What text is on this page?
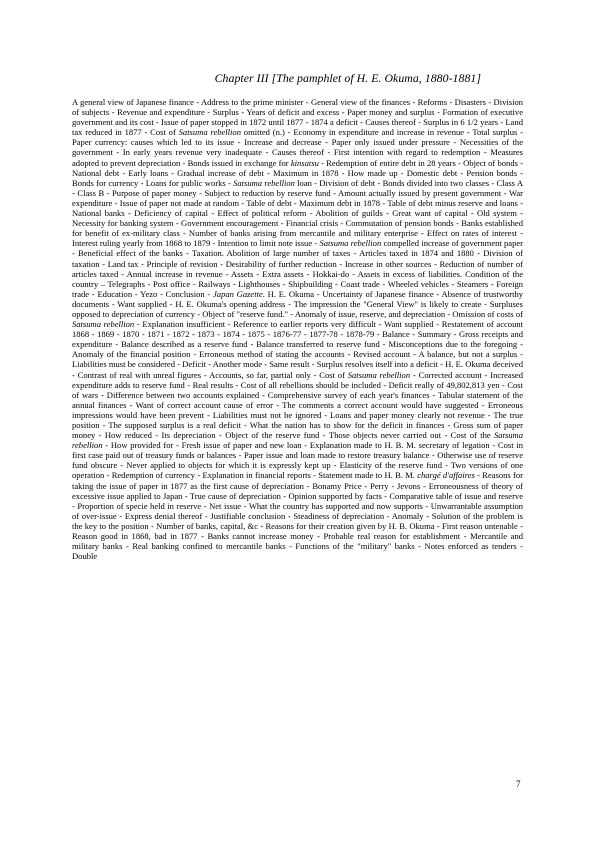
Chapter III [The pamphlet of H. E. Okuma, 1880-1881]
A general view of Japanese finance - Address to the prime minister - General view of the finances - Reforms - Disasters - Division of subjects - Revenue and expenditure - Surplus - Years of deficit and excess - Paper money and surplus - Formation of executive government and its cost - Issue of paper stopped in 1872 until 1877 - 1874 a deficit - Causes thereof - Surplus in 6 1/2 years - Land tax reduced in 1877 - Cost of Satsuma rebellion omitted (n.) - Economy in expenditure and increase in revenue - Total surplus - Paper currency: causes which led to its issue - Increase and decrease - Paper only issued under pressure - Necessities of the government - In early years revenue very inadequate - Causes thereof - First intention with regard to redemption - Measures adopted to prevent depreciation - Bonds issued in exchange for kinsatsu - Redemption of entire debt in 28 years - Object of bonds - National debt - Early loans - Gradual increase of debt - Maximum in 1878 - How made up - Domestic debt - Pension bonds - Bonds for currency - Loans for public works - Satsuma rebellion loan - Division of debt - Bonds divided into two classes - Class A - Class B - Purpose of paper money - Subject to reduction by reserve fund - Amount actually issued by present government - War expenditure - Issue of paper not made at random - Table of debt - Maximum debt in 1878 - Table of debt minus reserve and loans - National banks - Deficiency of capital - Effect of political reform - Abolition of guilds - Great want of capital - Old system - Necessity for banking system - Government encouragement - Financial crisis - Commutation of pension bonds - Banks established for benefit of ex-military class - Number of banks arising from mercantile and military enterprise - Effect on rates of interest - Interest ruling yearly from 1868 to 1879 - Intention to limit note issue - Satsuma rebellion compelled increase of government paper - Beneficial effect of the banks - Taxation. Abolition of large number of taxes - Articles taxed in 1874 and 1880 - Division of taxation - Land tax - Principle of revision - Desirability of further reduction - Increase in other sources - Reduction of number of articles taxed - Annual increase in revenue - Assets - Extra assets - Hokkai-do - Assets in excess of liabilities. Condition of the country – Telegraphs - Post office - Railways - Lighthouses - Shipbuilding - Coast trade - Wheeled vehicles - Steamers - Foreign trade - Education - Yezo - Conclusion - Japan Gazette. H. E. Okuma - Uncertainty of Japanese finance - Absence of trustworthy documents - Want supplied - H. E. Okuma's opening address - The impression the "General View" is likely to create - Surpluses opposed to depreciation of currency - Object of "reserve fund." - Anomaly of issue, reserve, and depreciation - Omission of costs of Satsuma rebellion - Explanation insufficient - Reference to earlier reports very difficult - Want supplied - Restatement of account 1868 - 1869 - 1870 - 1871 - 1872 - 1873 - 1874 - 1875 - 1876-77 - 1877-78 - 1878-79 - Balance - Summary - Gross receipts and expenditure - Balance described as a reserve fund - Balance transferred to reserve fund - Misconceptions due to the foregoing - Anomaly of the financial position - Erroneous method of stating the accounts - Revised account - A balance, but not a surplus - Liabilities must be considered - Deficit - Another mode - Same result - Surplus resolves itself into a deficit - H. E. Okuma deceived - Contrast of real with unreal figures - Accounts, so far, partial only - Cost of Satsuma rebellion - Corrected account - Increased expenditure adds to reserve fund - Real results - Cost of all rebellions should be included - Deficit really of 49,802,813 yen - Cost of wars - Difference between two accounts explained - Comprehensive survey of each year's finances - Tabular statement of the annual finances - Want of correct account cause of error - The comments a correct account would have suggested - Erroneous impressions would have been prevent - Liabilities must not be ignored - Loans and paper money clearly not revenue - The true position - The supposed surplus is a real deficit - What the nation has to show for the deficit in finances - Gross sum of paper money - How reduced - Its depreciation - Object of the reserve fund - Those objects never carried out - Cost of the Satsuma rebellion - How provided for - Fresh issue of paper and new loan - Explanation made to H. B. M. secretary of legation - Cost in first case paid out of treasury funds or balances - Paper issue and loan made to restore treasury balance - Otherwise use of reserve fund obscure - Never applied to objects for which it is expressly kept up - Elasticity of the reserve fund - Two versions of one operation - Redemption of currency - Explanation in financial reports - Statement made to H. B. M. chargé d'affaires - Reasons for taking the issue of paper in 1877 as the first cause of depreciation - Bonamy Price - Perry - Jevons - Erroneousness of theory of excessive issue applied to Japan - True cause of depreciation - Opinion supported by facts - Comparative table of issue and reserve - Proportion of specie held in reserve - Net issue - What the country has supported and now supports - Unwarrantable assumption of over-issue - Express denial thereof - Justifiable conclusion - Steadiness of depreciation - Anomaly - Solution of the problem is the key to the position - Number of banks, capital, &c - Reasons for their creation given by H. B. Okuma - First reason untenable - Reason good in 1868, bad in 1877 - Banks cannot increase money - Probable real reason for establishment - Mercantile and military banks - Real banking confined to mercantile banks - Functions of the "military" banks - Notes enforced as tenders - Double
7
